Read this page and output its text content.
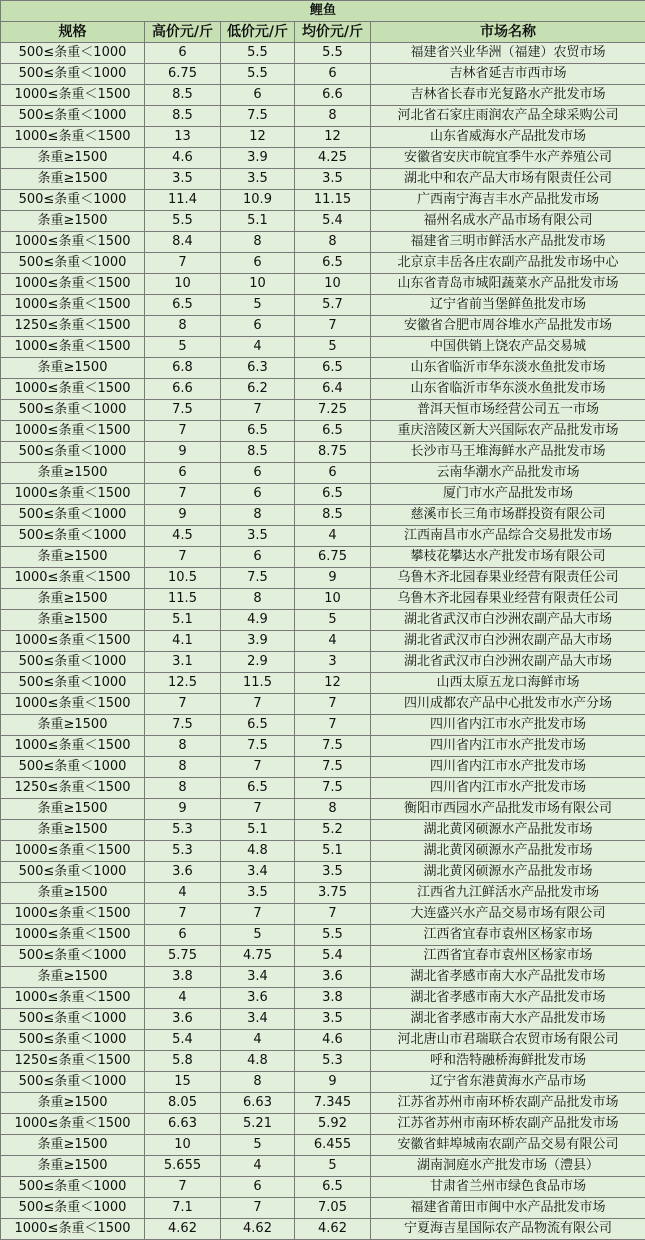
鲤鱼				
规格	高价元/斤	低价元/斤	均价元/斤	市场名称
500≤条重＜1000	6	5.5	5.5	福建省兴业华洲（福建）农贸市场
500≤条重＜1000	6.75	5.5	6	吉林省延吉市西市场
1000≤条重＜1500	8.5	6	6.6	吉林省长春市光复路水产批发市场
500≤条重＜1000	8.5	7.5	8	河北省石家庄雨润农产品全球采购公司
1000≤条重＜1500	13	12	12	山东省威海水产品批发市场
条重≥1500	4.6	3.9	4.25	安徽省安庆市皖宜季牛水产养殖公司
条重≥1500	3.5	3.5	3.5	湖北中和农产品大市场有限责任公司
500≤条重＜1000	11.4	10.9	11.15	广西南宁海吉丰水产品批发市场
条重≥1500	5.5	5.1	5.4	福州名成水产品市场有限公司
1000≤条重＜1500	8.4	8	8	福建省三明市鲜活水产品批发市场
500≤条重＜1000	7	6	6.5	北京京丰岳各庄农副产品批发市场中心
1000≤条重＜1500	10	10	10	山东省青岛市城阳蔬菜水产品批发市场
1000≤条重＜1500	6.5	5	5.7	辽宁省前当堡鲜鱼批发市场
1250≤条重＜1500	8	6	7	安徽省合肥市周谷堆水产品批发市场
1000≤条重＜1500	5	4	5	中国供销上饶农产品交易城
条重≥1500	6.8	6.3	6.5	山东省临沂市华东淡水鱼批发市场
1000≤条重＜1500	6.6	6.2	6.4	山东省临沂市华东淡水鱼批发市场
500≤条重＜1000	7.5	7	7.25	普洱天恒市场经营公司五一市场
1000≤条重＜1500	7	6.5	6.5	重庆涪陵区新大兴国际农产品批发市场
500≤条重＜1000	9	8.5	8.75	长沙市马王堆海鲜水产品批发市场
条重≥1500	6	6	6	云南华潮水产品批发市场
1000≤条重＜1500	7	6	6.5	厦门市水产品批发市场
500≤条重＜1000	9	8	8.5	慈溪市长三角市场群投资有限公司
500≤条重＜1000	4.5	3.5	4	江西南昌市水产品综合交易批发市场
条重≥1500	7	6	6.75	攀枝花攀达水产批发市场有限公司
1000≤条重＜1500	10.5	7.5	9	乌鲁木齐北园春果业经营有限责任公司
条重≥1500	11.5	8	10	乌鲁木齐北园春果业经营有限责任公司
条重≥1500	5.1	4.9	5	湖北省武汉市白沙洲农副产品大市场
1000≤条重＜1500	4.1	3.9	4	湖北省武汉市白沙洲农副产品大市场
500≤条重＜1000	3.1	2.9	3	湖北省武汉市白沙洲农副产品大市场
500≤条重＜1000	12.5	11.5	12	山西太原五龙口海鲜市场
1000≤条重＜1500	7	7	7	四川成都农产品中心批发市水产分场
条重≥1500	7.5	6.5	7	四川省内江市水产批发市场
1000≤条重＜1500	8	7.5	7.5	四川省内江市水产批发市场
500≤条重＜1000	8	7	7.5	四川省内江市水产批发市场
1250≤条重＜1500	8	6.5	7.5	四川省内江市水产批发市场
条重≥1500	9	7	8	衡阳市西园水产品批发市场有限公司
条重≥1500	5.3	5.1	5.2	湖北黄冈硕源水产品批发市场
1000≤条重＜1500	5.3	4.8	5.1	湖北黄冈硕源水产品批发市场
500≤条重＜1000	3.6	3.4	3.5	湖北黄冈硕源水产品批发市场
条重≥1500	4	3.5	3.75	江西省九江鲜活水产品批发市场
1000≤条重＜1500	7	7	7	大连盛兴水产品交易市场有限公司
1000≤条重＜1500	6	5	5.5	江西省宜春市袁州区杨家市场
500≤条重＜1000	5.75	4.75	5.4	江西省宜春市袁州区杨家市场
条重≥1500	3.8	3.4	3.6	湖北省孝感市南大水产品批发市场
1000≤条重＜1500	4	3.6	3.8	湖北省孝感市南大水产品批发市场
500≤条重＜1000	3.6	3.4	3.5	湖北省孝感市南大水产品批发市场
500≤条重＜1000	5.4	4	4.6	河北唐山市君瑞联合农贸市场有限公司
1250≤条重＜1500	5.8	4.8	5.3	呼和浩特融桥海鲜批发市场
500≤条重＜1000	15	8	9	辽宁省东港黄海水产品市场
条重≥1500	8.05	6.63	7.345	江苏省苏州市南环桥农副产品批发市场
1000≤条重＜1500	6.63	5.21	5.92	江苏省苏州市南环桥农副产品批发市场
条重≥1500	10	5	6.455	安徽省蚌埠城南农副产品交易有限公司
条重≥1500	5.655	4	5	湖南洞庭水产批发市场（澧县）
500≤条重＜1000	7	6	6.5	甘肃省兰州市绿色食品市场
500≤条重＜1000	7.1	7	7.05	福建省莆田市闽中水产品批发市场
1000≤条重＜1500	4.62	4.62	4.62	宁夏海吉星国际农产品物流有限公司
